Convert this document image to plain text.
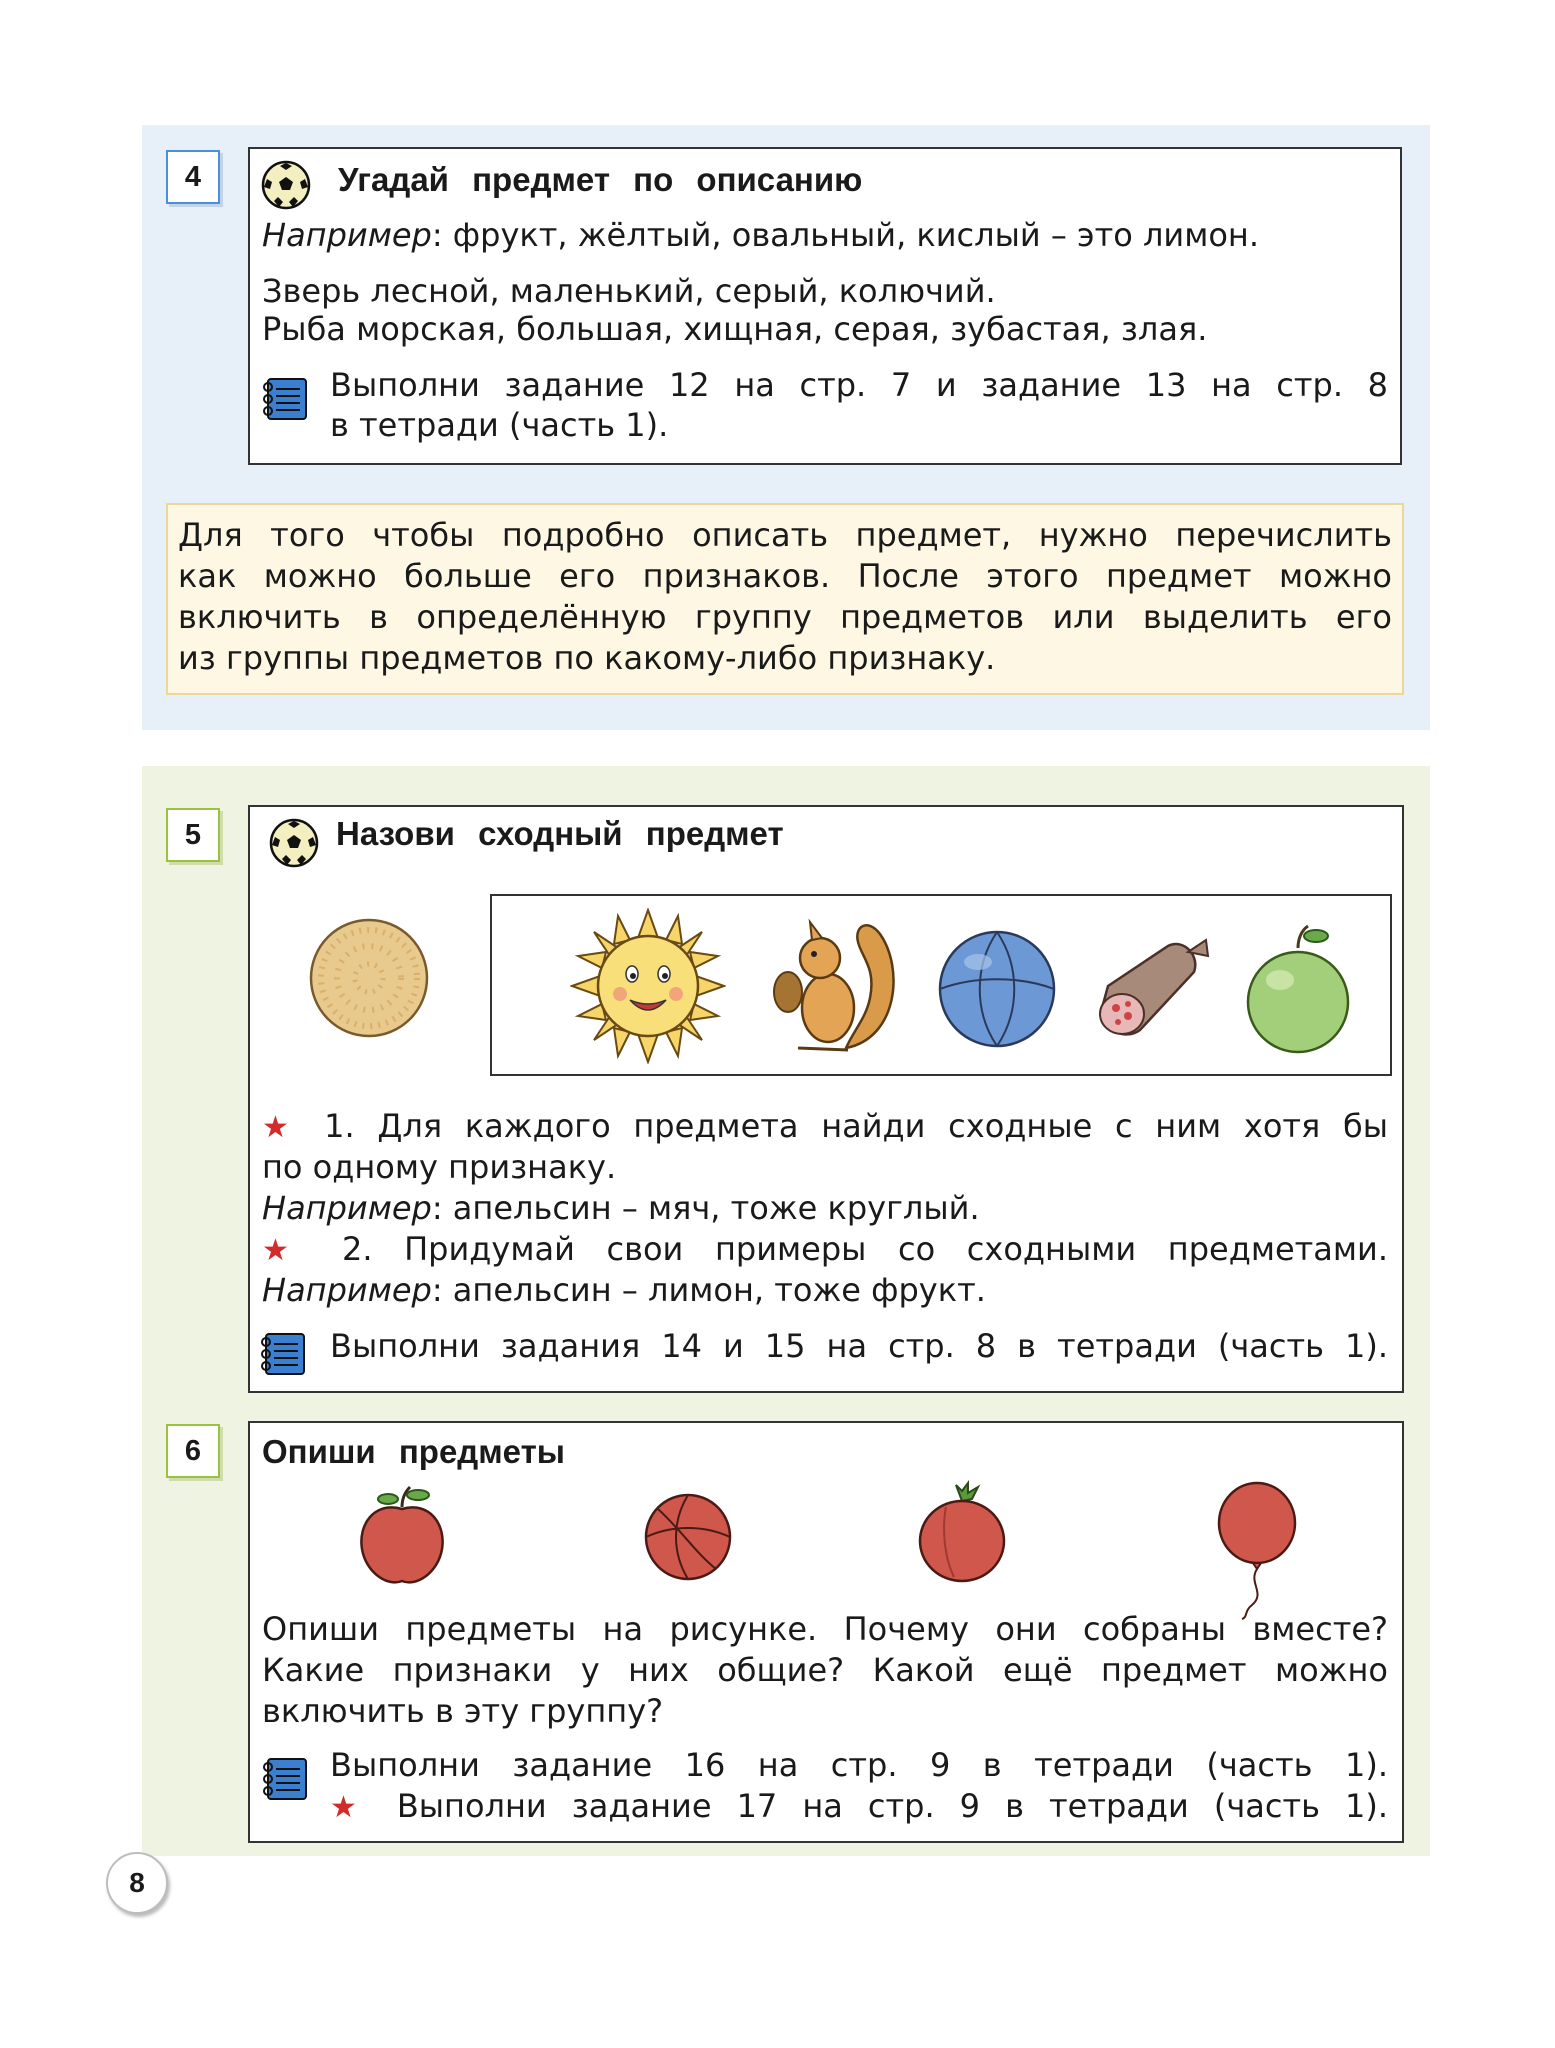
4	Угадай предмет по описанию
Например: фрукт, жёлтый, овальный, кислый – это лимон.
Зверь лесной, маленький, серый, колючий.
Рыба морская, большая, хищная, серая, зубастая, злая.
Выполни задание 12 на стр. 7 и задание 13 на стр. 8
в тетради (часть 1).
Для того чтобы подробно описать предмет, нужно перечислить
как можно больше его признаков. После этого предмет можно
включить в определённую группу предметов или выделить его
из группы предметов по какому-либо признаку.
5	Назови сходный предмет
★ 1. Для каждого предмета найди сходные с ним хотя бы
по одному признаку.
Например: апельсин – мяч, тоже круглый.
★ 2. Придумай свои примеры со сходными предметами.
Например: апельсин – лимон, тоже фрукт.
Выполни задания 14 и 15 на стр. 8 в тетради (часть 1).
6	Опиши предметы
Опиши предметы на рисунке. Почему они собраны вместе?
Какие признаки у них общие? Какой ещё предмет можно
включить в эту группу?
Выполни задание 16 на стр. 9 в тетради (часть 1).
★ Выполни задание 17 на стр. 9 в тетради (часть 1).
8
